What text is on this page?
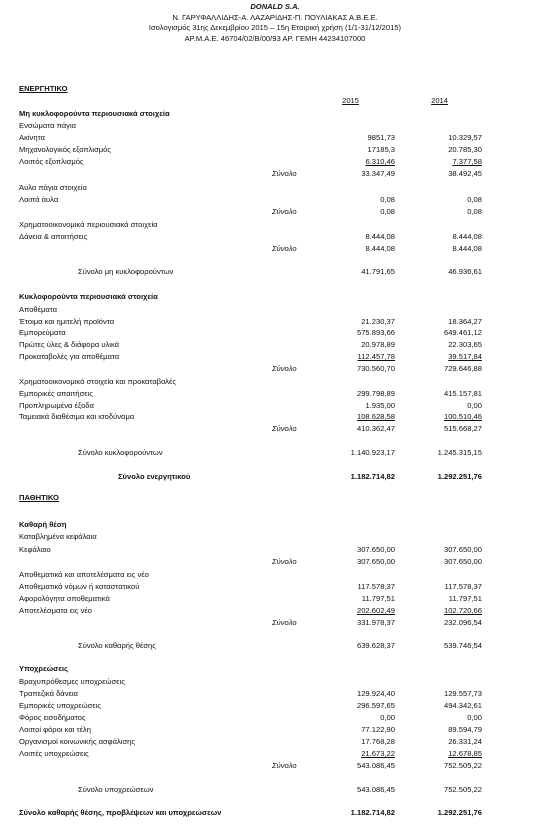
DONALD S.A.
Ν. ΓΑΡΥΦΑΛΛΙΔΗΣ-Α. ΛΑΖΑΡΙΔΗΣ-Π. ΠΟΥΛΙΑΚΑΣ Α.Β.Ε.Ε.
Ισολογισμός 31ης Δεκεμβρίου 2015 – 15η Εταιρική χρήση (1/1-31/12/2015)
ΑΡ.Μ.Α.Ε. 46704/02/Β/00/93 ΑΡ. ΓΕΜΗ 44234107000
2015	2014
ΕΝΕΡΓΗΤΙΚΟ
Μη κυκλοφορούντα περιουσιακά στοιχεία
Ενσώματα πάγια
Ακίνητα	9851,73	10.329,57
Μηχανολογικός εξοπλισμός	17185,3	20.785,30
Λοιπός εξοπλισμός	6.310,46	7.377,58
Σύνολο	33.347,49	38.492,45
Άυλα πάγια στοιχεία
Λοιπά άυλα	0,08	0,08
Σύνολο	0,08	0,08
Χρηματοοικονομικά περιουσιακά στοιχεία
Δάνεια & απαιτήσεις	8.444,08	8.444,08
Σύνολο	8.444,08	8.444,08
Σύνολο μη κυκλοφορούντων	41.791,65	46.936,61
Κυκλοφορούντα περιουσιακά στοιχεία
Αποθέματα
Έτοιμα και ημιτελή προϊόντα	21.230,37	18.364,27
Εμπορεύματα	575.893,66	649.461,12
Πρώτες ύλες & διάφορα υλικά	20.978,89	22.303,65
Προκαταβολές για αποθέματα	112.457,78	39.517,84
Σύνολο	730.560,70	729.646,88
Χρηματοοικονομικά στοιχεία και προκαταβολές
Εμπορικές απαιτήσεις	299.798,89	415.157,81
Προπληρωμένα έξοδα	1.935,00	0,00
Ταμειακά διαθέσιμα και ισοδύναμα	108.628,58	100.510,46
Σύνολο	410.362,47	515.668,27
Σύνολο κυκλοφορούντων	1.140.923,17	1.245.315,15
Σύνολο ενεργητικού	1.182.714,82	1.292.251,76
ΠΑΘΗΤΙΚΟ
Καθαρή θέση
Καταβλημένα κεφάλαια
Κεφάλαιο	307.650,00	307.650,00
Σύνολο	307.650,00	307.650,00
Αποθεματικά και αποτελέσματα εις νέο
Αποθεματικά νόμων ή καταστατικού	117.578,37	117.578,37
Αφορολόγητα αποθεματικά	11.797,51	11.797,51
Αποτελέσματα εις νέο	202.602,49	102.720,66
Σύνολο	331.978,37	232.096,54
Σύνολο καθαρής θέσης	639.628,37	539.746,54
Υποχρεώσεις
Βραχυπρόθεσμες υποχρεώσεις
Τραπεζικά δάνεια	129.924,40	129.557,73
Εμπορικές υποχρεώσεις	296.597,65	494.342,61
Φόρος εισοδήματος	0,00	0,00
Λοιποί φόροι και τέλη	77.122,90	89.594,79
Οργανισμοί κοινωνικής ασφάλισης	17.768,28	26.331,24
Λοιπές υποχρεώσεις	21.673,22	12.678,85
Σύνολο	543.086,45	752.505,22
Σύνολο υποχρεώσεων	543.086,45	752.505,22
Σύνολο καθαρής θέσης, προβλέψεων και υποχρεώσεων	1.182.714,82	1.292.251,76
